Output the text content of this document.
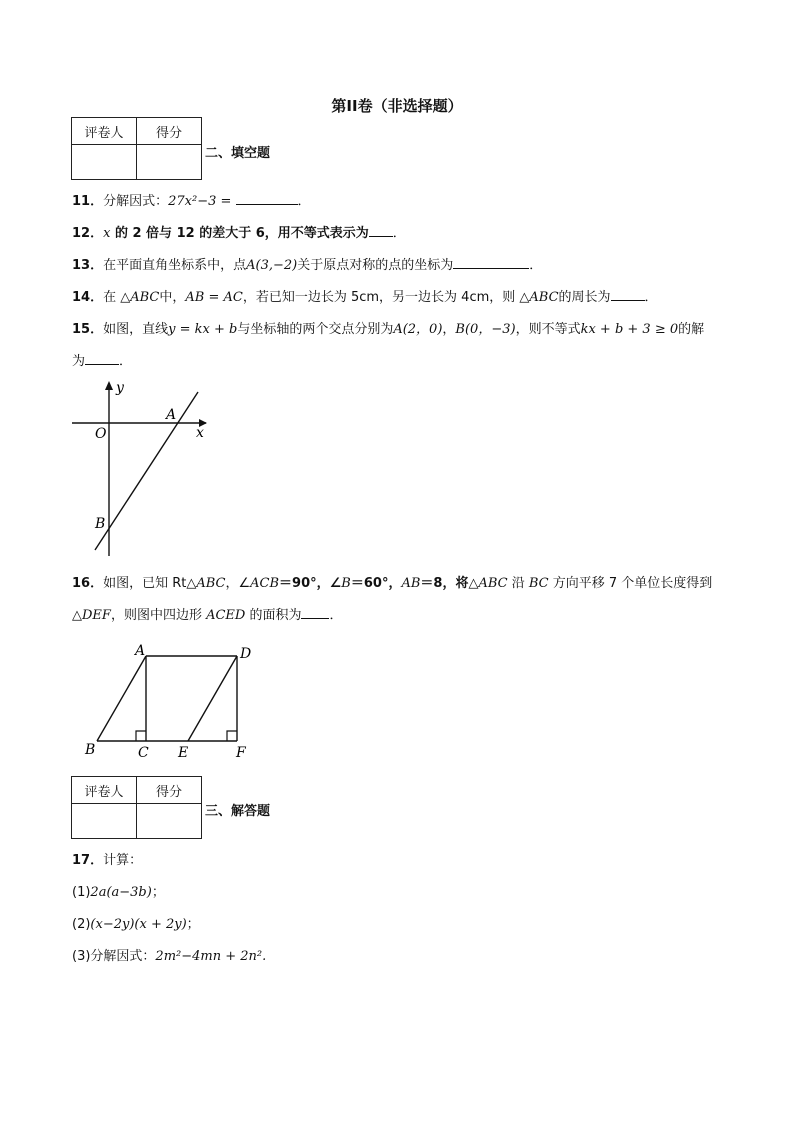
第II卷（非选择题）
评卷人	得分

二、填空题
11．分解因式：27x²−3 =	．
12．x 的 2 倍与 12 的差大于 6，用不等式表示为 ．
13．在平面直角坐标系中，点A(3,−2)关于原点对称的点的坐标为	．
14．在 △ABC中，AB = AC，若已知一边长为 5cm，另一边长为 4cm，则 △ABC的周长为	．
15．如图，直线y = kx + b与坐标轴的两个交点分别为A(2，0)，B(0，−3)，则不等式kx + b + 3 ≥ 0的解
为	．
y
x
O
A
B
16．如图，已知 Rt△ABC，∠ACB＝90°，∠B＝60°，AB＝8，将△ABC 沿 BC 方向平移 7 个单位长度得到
△DEF，则图中四边形 ACED 的面积为 ．
A	D
B	C E	F
评卷人	得分

三、解答题
17．计算：
(1)2a(a−3b)；
(2)(x−2y)(x + 2y)；
(3)分解因式：2m²−4mn + 2n².
